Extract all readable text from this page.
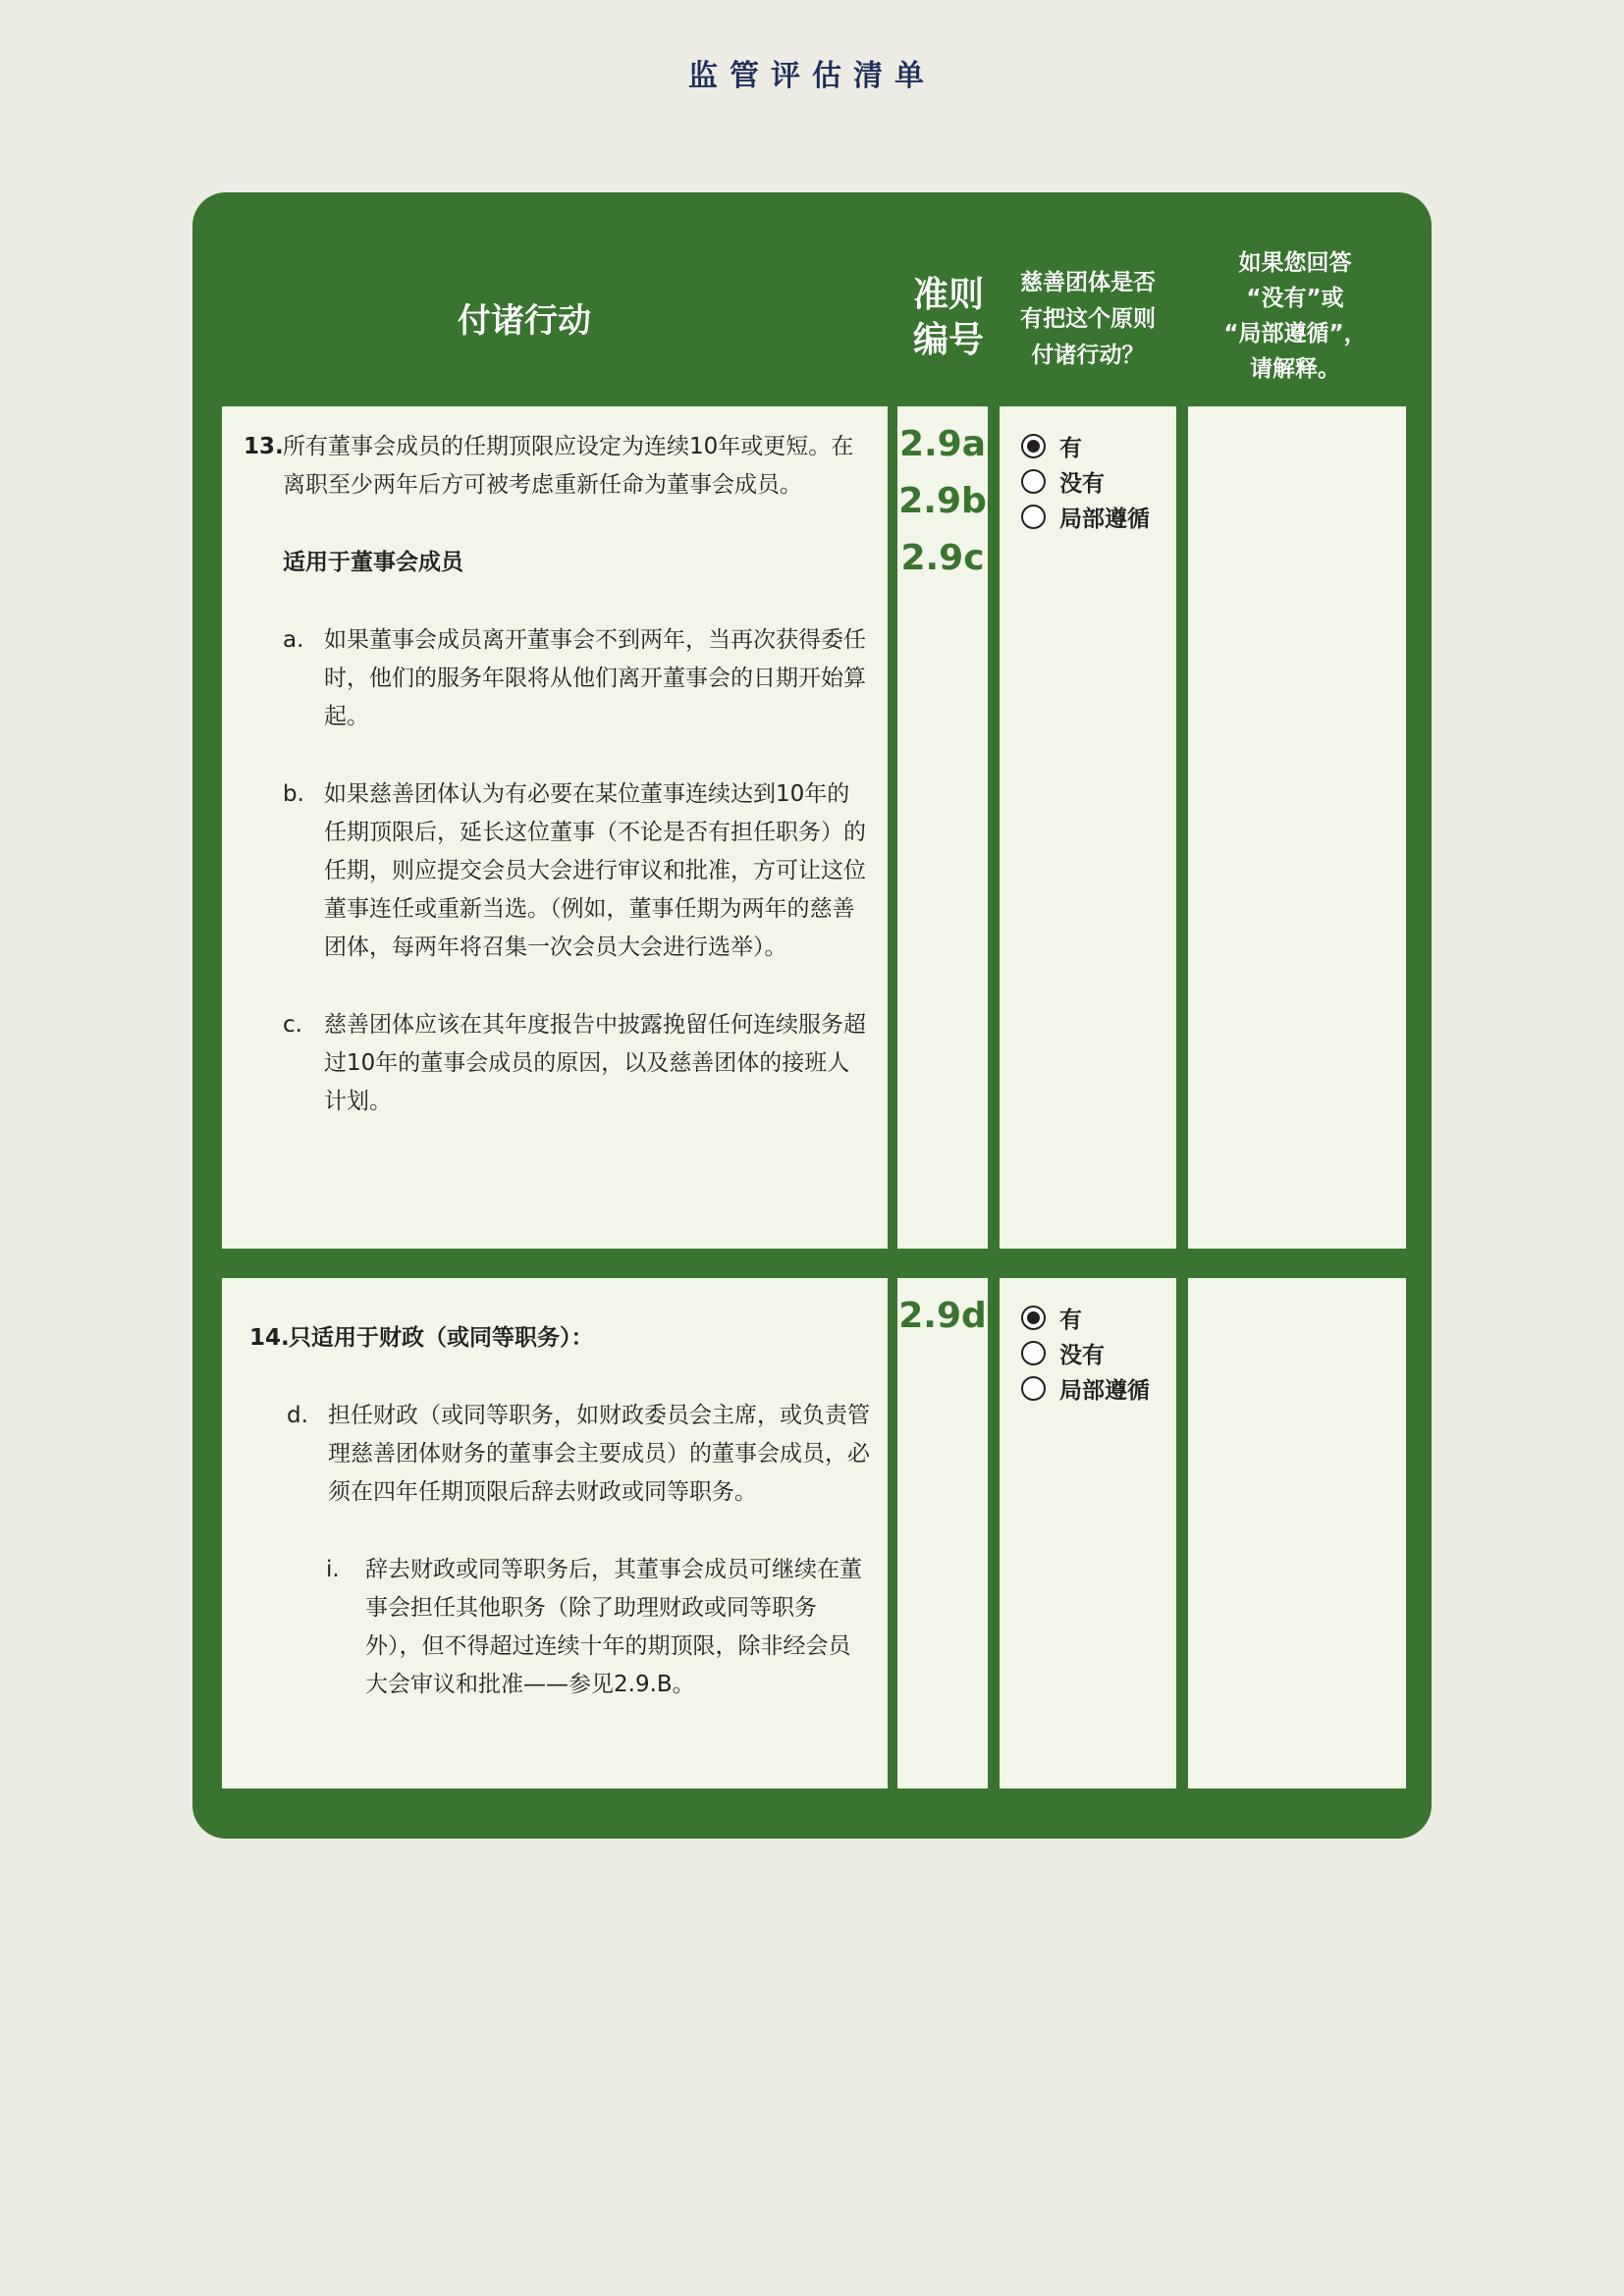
监管评估清单
付诸行动
准则
编号
慈善团体是否
有把这个原则
付诸行动？
如果您回答
“没有”或
“局部遵循”，
请解释。
13. 所有董事会成员的任期顶限应设定为连续10年或更短。在离职至少两年后方可被考虑重新任命为董事会成员。
适用于董事会成员
a. 如果董事会成员离开董事会不到两年，当再次获得委任时，他们的服务年限将从他们离开董事会的日期开始算起。
b. 如果慈善团体认为有必要在某位董事连续达到10年的任期顶限后，延长这位董事（不论是否有担任职务）的任期，则应提交会员大会进行审议和批准，方可让这位董事连任或重新当选。（例如，董事任期为两年的慈善团体，每两年将召集一次会员大会进行选举）。
c. 慈善团体应该在其年度报告中披露挽留任何连续服务超过10年的董事会成员的原因，以及慈善团体的接班人计划。
2.9a
2.9b
2.9c
有
没有
局部遵循
14. 只适用于财政（或同等职务）：
d. 担任财政（或同等职务，如财政委员会主席，或负责管理慈善团体财务的董事会主要成员）的董事会成员，必须在四年任期顶限后辞去财政或同等职务。
i.	辞去财政或同等职务后，其董事会成员可继续在董事会担任其他职务（除了助理财政或同等职务外），但不得超过连续十年的期顶限，除非经会员大会审议和批准——参见2.9.B。
2.9d	有
没有
局部遵循
